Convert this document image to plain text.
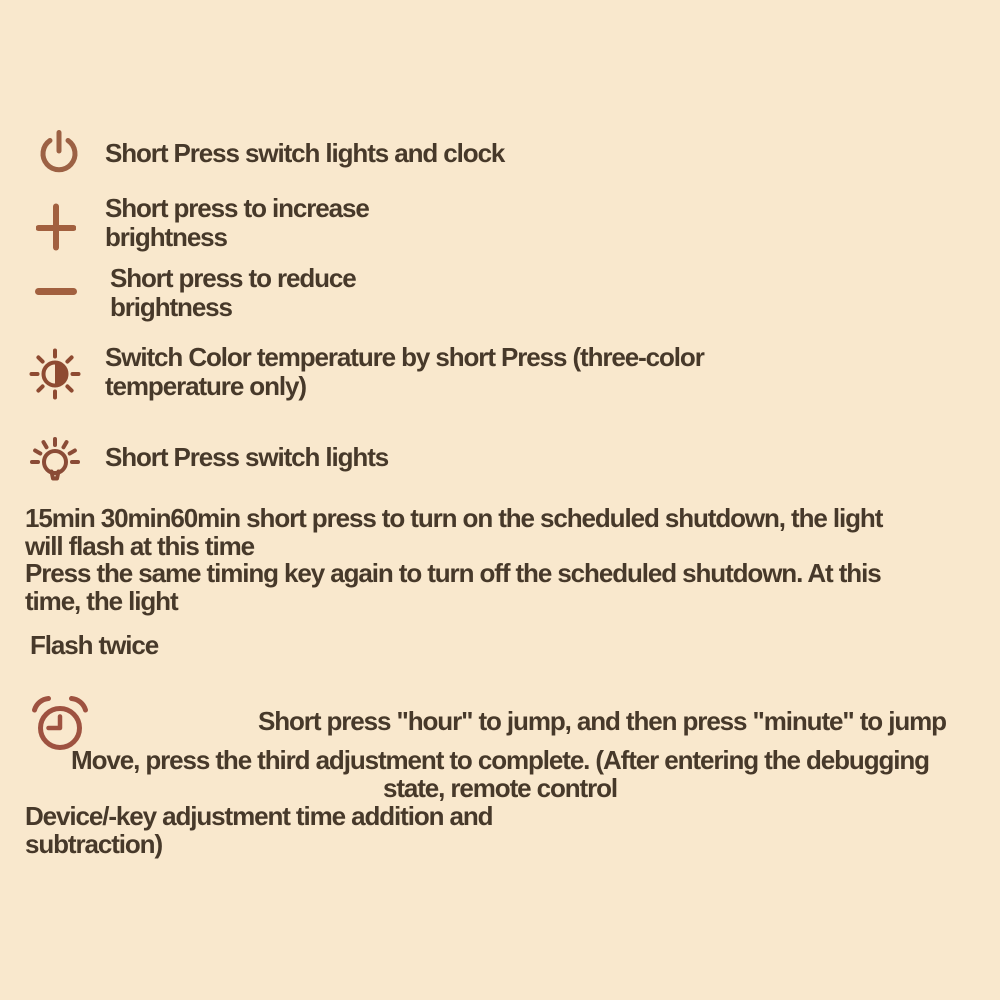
Short Press switch lights and clock
Short press to increase
brightness
Short press to reduce
brightness
Switch Color temperature by short Press (three-color
temperature only)
Short Press switch lights
15min 30min60min short press to turn on the scheduled shutdown, the light
will flash at this time
Press the same timing key again to turn off the scheduled shutdown. At this
time, the light
Flash twice
Short press "hour" to jump, and then press "minute" to jump
Move, press the third adjustment to complete. (After entering the debugging
state, remote control
Device/-key adjustment time addition and
subtraction)
